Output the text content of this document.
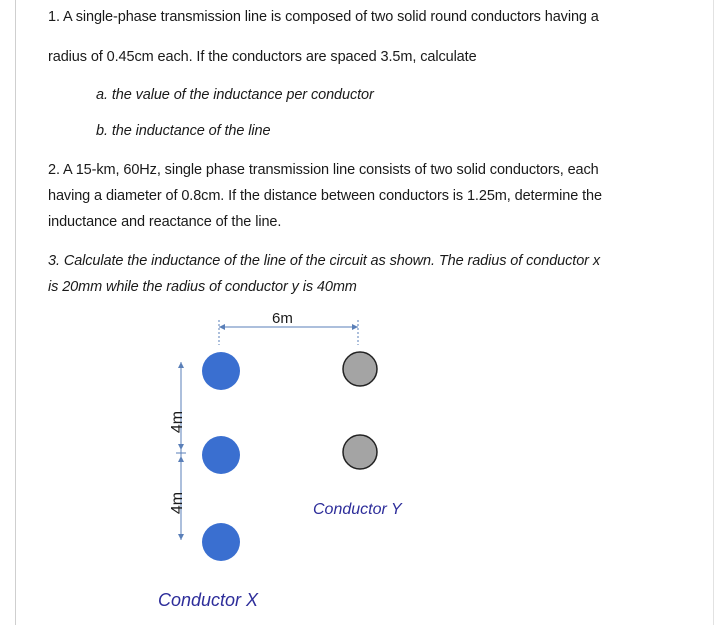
1. A single-phase transmission line is composed of two solid round conductors having a
radius of 0.45cm each. If the conductors are spaced 3.5m, calculate
a. the value of the inductance per conductor
b. the inductance of the line
2. A 15-km, 60Hz, single phase transmission line consists of two solid conductors, each
having a diameter of 0.8cm. If the distance between conductors is 1.25m, determine the
inductance and reactance of the line.
3. Calculate the inductance of the line of the circuit as shown. The radius of conductor x
is 20mm while the radius of conductor y is 40mm
6m
4m
4m	Conductor Y
Conductor X
